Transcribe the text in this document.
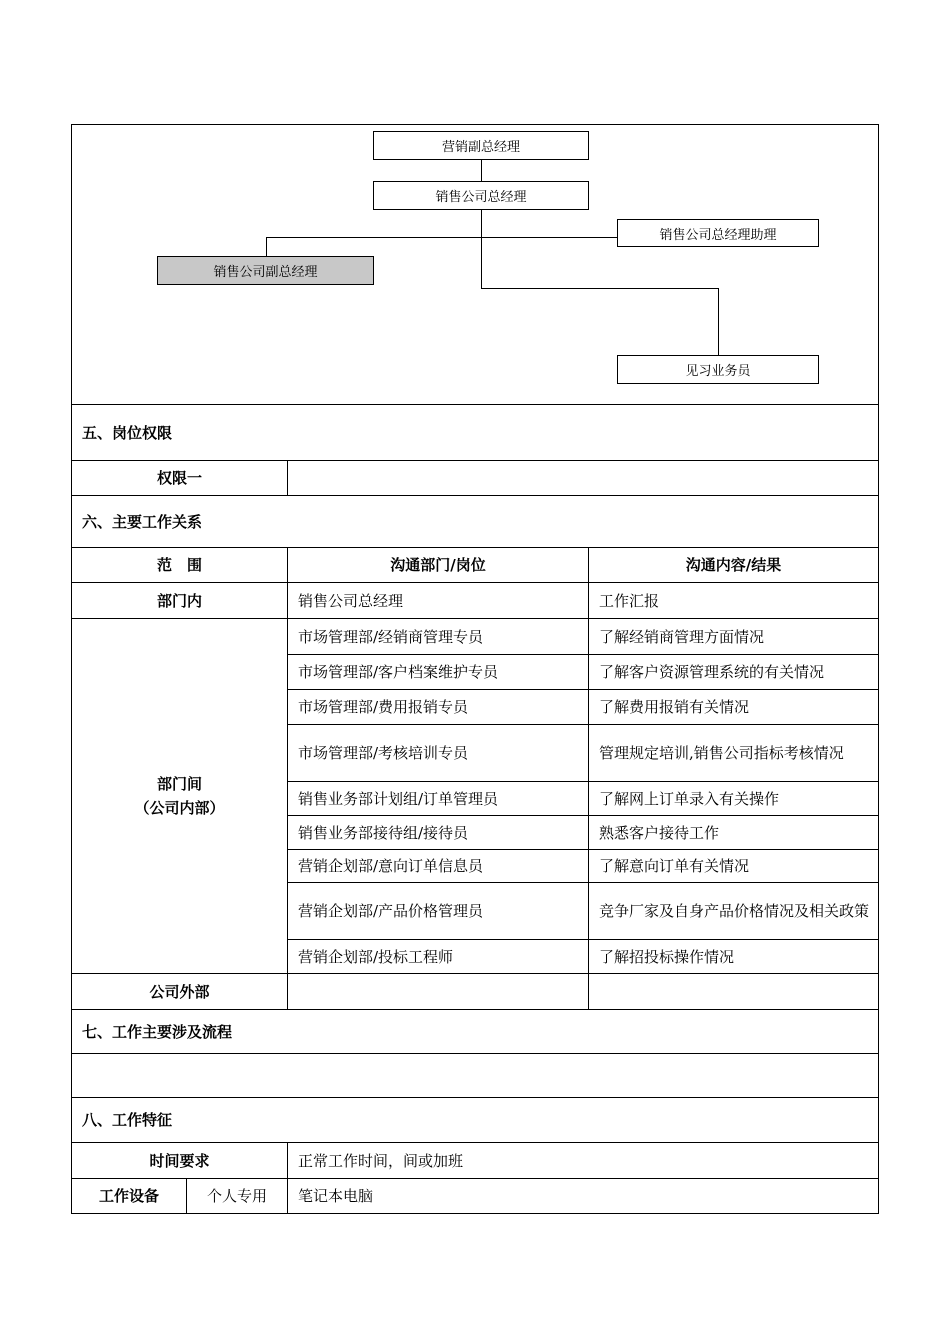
营销副总经理
销售公司总经理
销售公司总经理助理
销售公司副总经理
见习业务员
五、岗位权限
权限一
六、主要工作关系
范　围	沟通部门/岗位	沟通内容/结果
部门内	销售公司总经理	工作汇报
部门间
（公司内部）
市场管理部/经销商管理专员	了解经销商管理方面情况
市场管理部/客户档案维护专员	了解客户资源管理系统的有关情况
市场管理部/费用报销专员	了解费用报销有关情况
市场管理部/考核培训专员	管理规定培训,销售公司指标考核情况
销售业务部计划组/订单管理员	了解网上订单录入有关操作
销售业务部接待组/接待员	熟悉客户接待工作
营销企划部/意向订单信息员	了解意向订单有关情况
营销企划部/产品价格管理员	竞争厂家及自身产品价格情况及相关政策
营销企划部/投标工程师	了解招投标操作情况
公司外部
七、工作主要涉及流程
八、工作特征
时间要求	正常工作时间，间或加班
工作设备	个人专用	笔记本电脑
